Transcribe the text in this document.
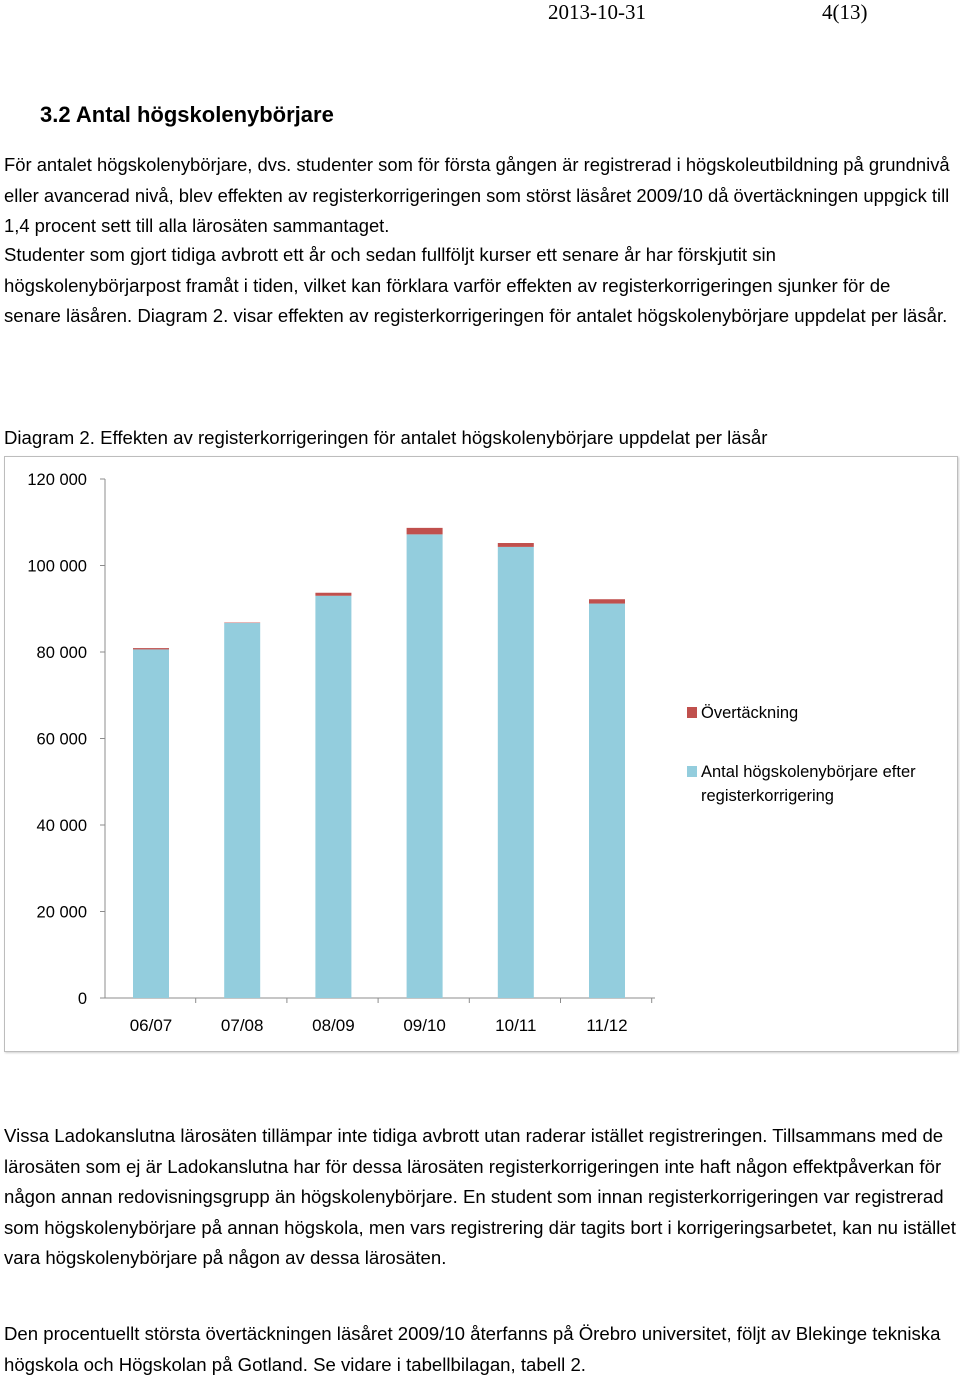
2013-10-31	4(13)
3.2 Antal högskolenybörjare

För antalet högskolenybörjare, dvs. studenter som för första gången är registrerad i högskoleutbildning på grundnivå eller avancerad nivå, blev effekten av registerkorrigeringen som störst läsåret 2009/10 då övertäckningen uppgick till 1,4 procent sett till alla lärosäten sammantaget.

Studenter som gjort tidiga avbrott ett år och sedan fullföljt kurser ett senare år har förskjutit sin högskolenybörjarpost framåt i tiden, vilket kan förklara varför effekten av registerkorrigeringen sjunker för de senare läsåren. Diagram 2. visar effekten av registerkorrigeringen för antalet högskolenybörjare uppdelat per läsår.

Diagram 2. Effekten av registerkorrigeringen för antalet högskolenybörjare uppdelat per läsår
0
20 000
40 000
60 000
80 000
100 000
120 000
06/07	07/08	08/09	09/10	10/11	11/12
Övertäckning
Antal högskolenybörjare efter registerkorrigering

Vissa Ladokanslutna lärosäten tillämpar inte tidiga avbrott utan raderar istället registreringen. Tillsammans med de lärosäten som ej är Ladokanslutna har för dessa lärosäten registerkorrigeringen inte haft någon effektpåverkan för någon annan redovisningsgrupp än högskolenybörjare. En student som innan registerkorrigeringen var registrerad som högskolenybörjare på annan högskola, men vars registrering där tagits bort i korrigeringsarbetet, kan nu istället vara högskolenybörjare på någon av dessa lärosäten.

Den procentuellt största övertäckningen läsåret 2009/10 återfanns på Örebro universitet, följt av Blekinge tekniska högskola och Högskolan på Gotland. Se vidare i tabellbilagan, tabell 2.
